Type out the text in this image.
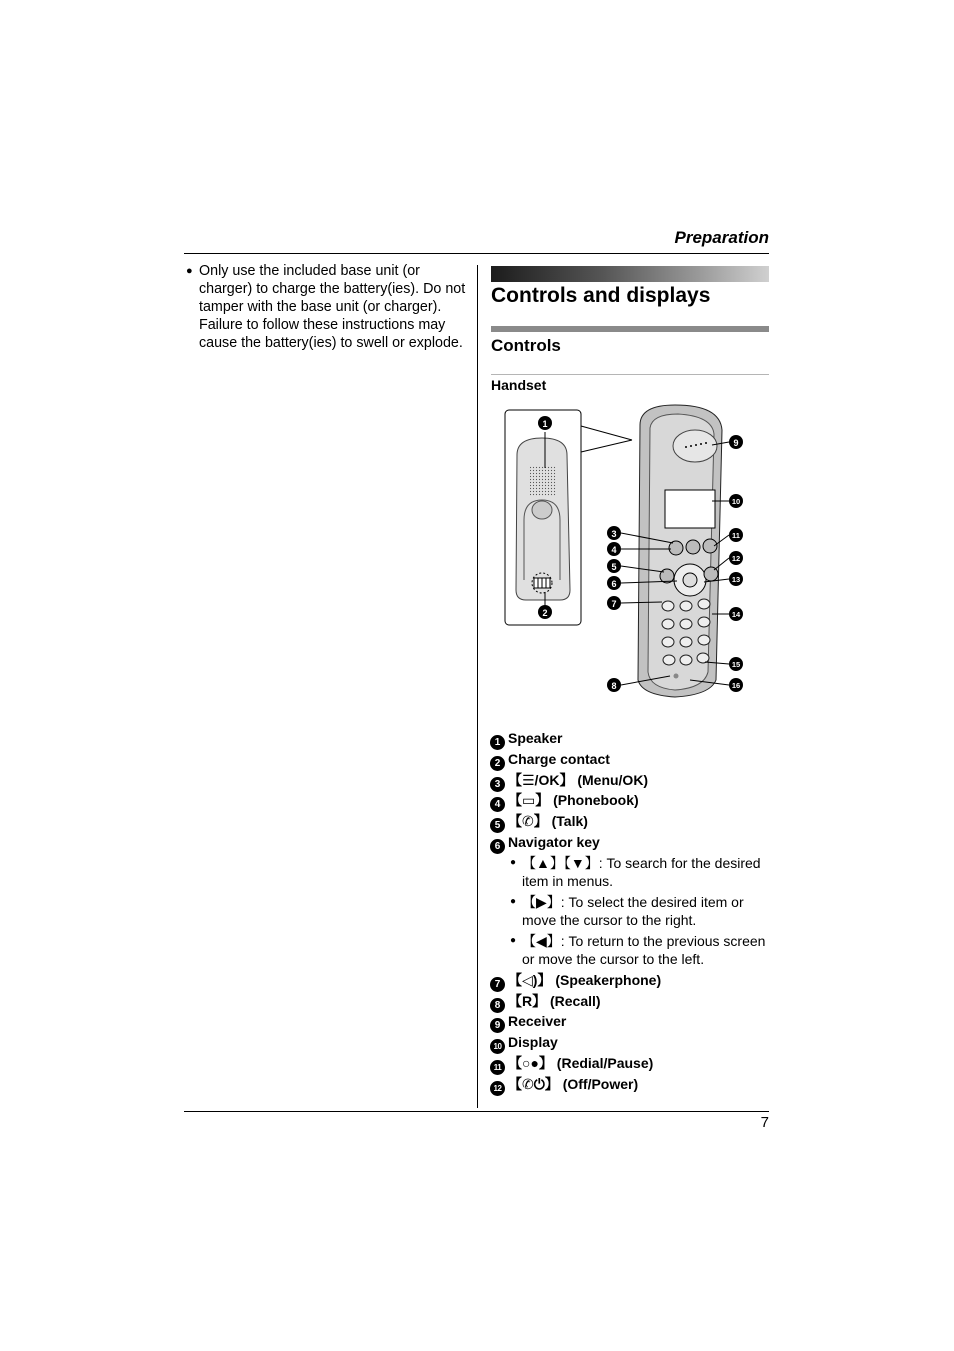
Preparation
● Only use the included base unit (or charger) to charge the battery(ies). Do not tamper with the base unit (or charger). Failure to follow these instructions may cause the battery(ies) to swell or explode.
Controls and displays
Controls
Handset
1
2
3
4
5
6
7
8
9
10
11
12
13
14
15
16
1 Speaker
2 Charge contact
3 【☰/OK】 (Menu/OK)
4 【▭】 (Phonebook)
5 【✆】 (Talk)
6 Navigator key
● 【▲】【▼】: To search for the desired item in menus.
● 【▶】: To select the desired item or move the cursor to the right.
● 【◀】: To return to the previous screen or move the cursor to the left.
7 【◁)】 (Speakerphone)
8 【R】 (Recall)
9 Receiver
10 Display
11 【○●】 (Redial/Pause)
12 【✆⏻】 (Off/Power)
7
